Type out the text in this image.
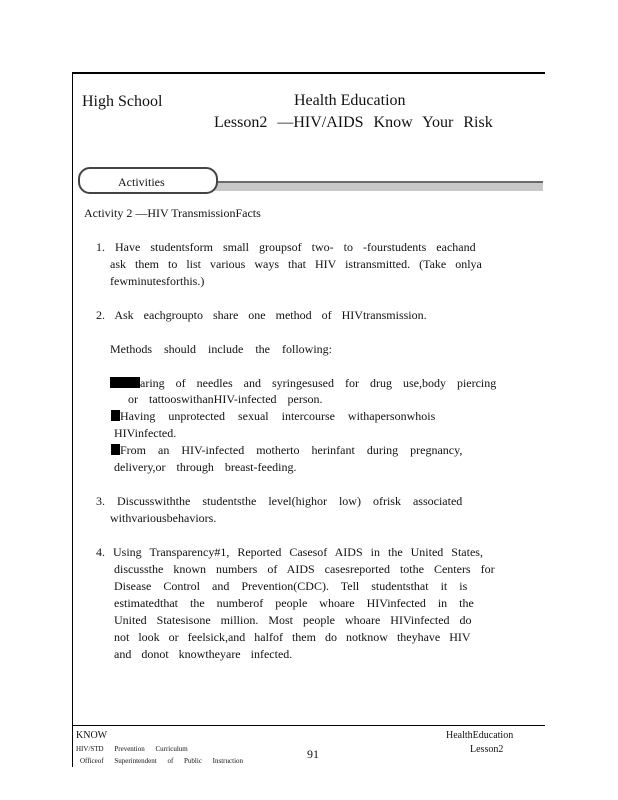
High School	Health Education
Lesson2 —HIV/AIDS Know Your Risk
Activities
Activity 2 —HIV TransmissionFacts
1. Have studentsform small groupsof two- to -fourstudents eachand
ask them to list various ways that HIV istransmitted. (Take onlya
fewminutesforthis.)
2. Ask eachgroupto share one method of HIVtransmission.
Methods should include the following:
aring of needles and syringesused for drug use,body piercing
or tattooswithanHIV-infected person.
Having unprotected sexual intercourse withapersonwhois
HIVinfected.
From an HIV-infected motherto herinfant during pregnancy,
delivery,or through breast-feeding.
3. Discusswiththe studentsthe level(highor low) ofrisk associated
withvariousbehaviors.
4. Using Transparency#1, Reported Casesof AIDS in the United States,
discussthe known numbers of AIDS casesreported tothe Centers for
Disease Control and Prevention(CDC). Tell studentsthat it is
estimatedthat the numberof people whoare HIVinfected in the
United Statesisone million. Most people whoare HIVinfected do
not look or feelsick,and halfof them do notknow theyhave HIV
and donot knowtheyare infected.
KNOW
HIV/STD Prevention Curriculum
Officeof Superintendent of Public Instruction	91
HealthEducation
Lesson2
